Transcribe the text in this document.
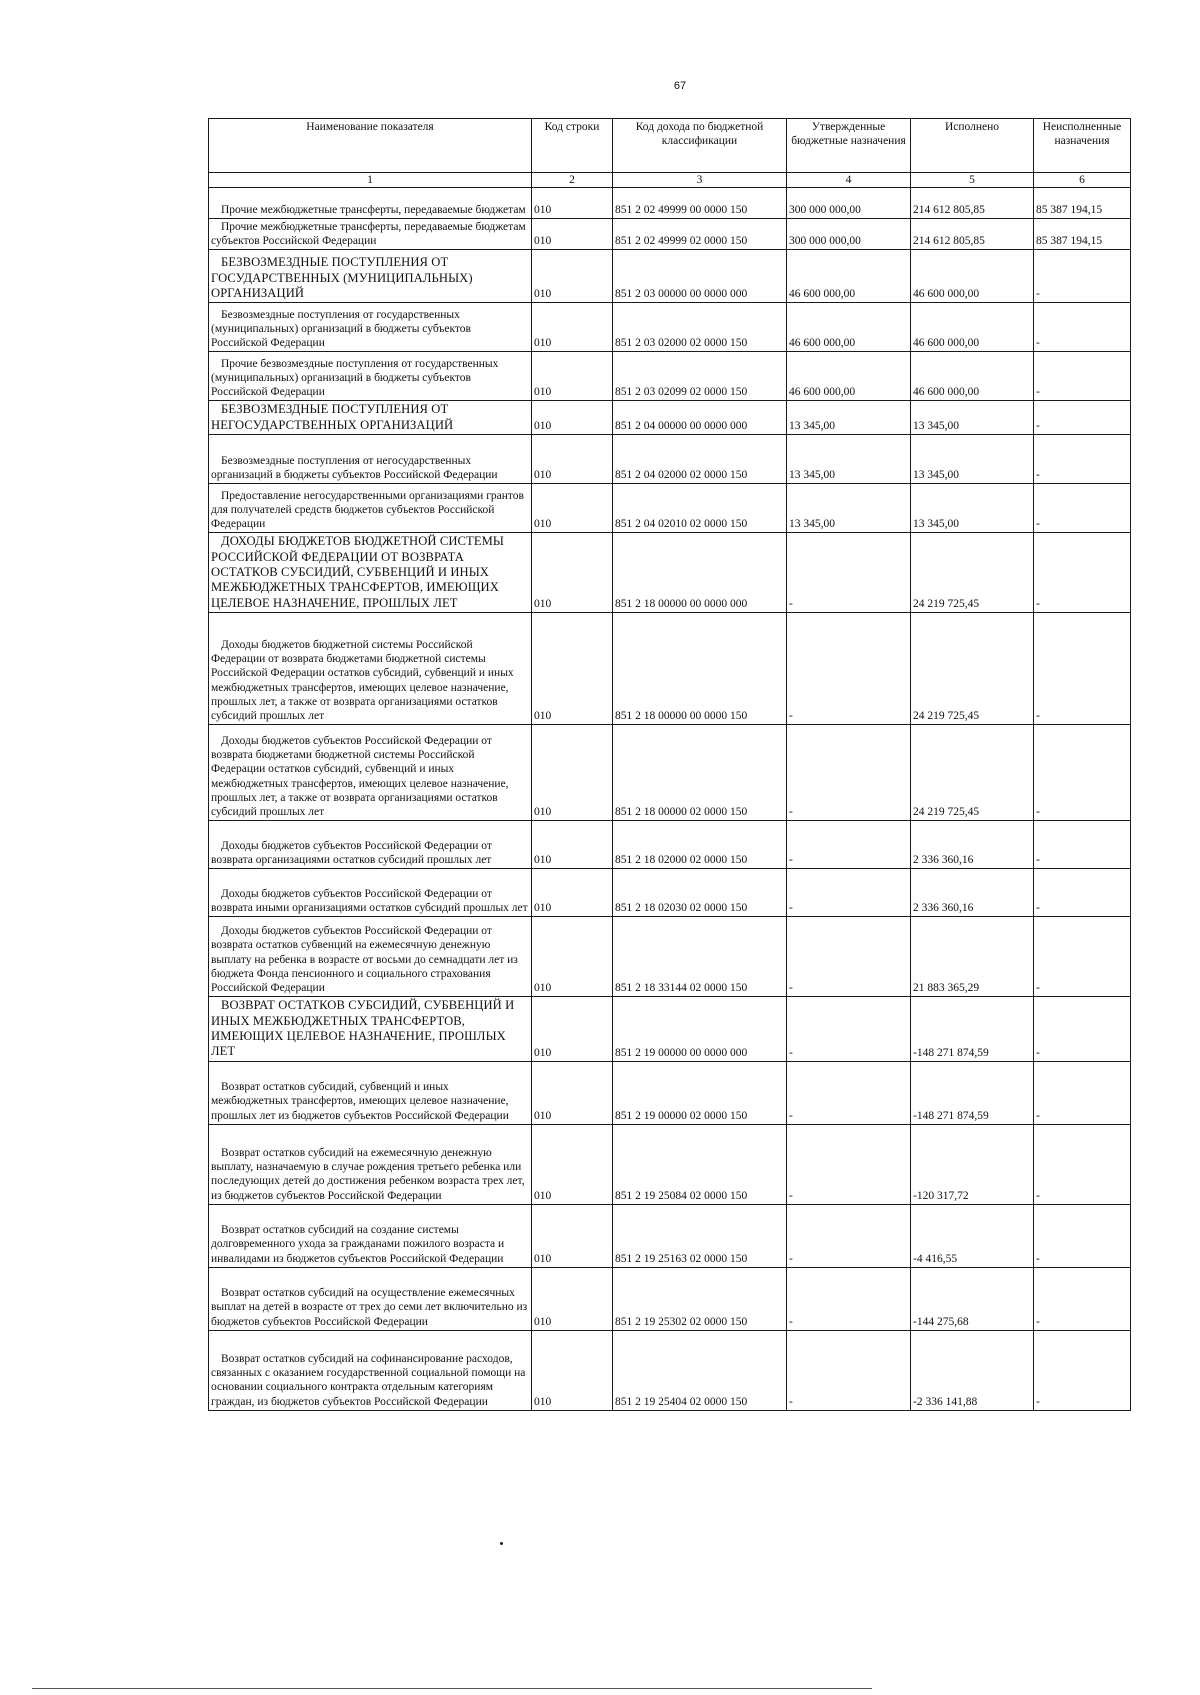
67
Наименование показателя	Код строки	Код дохода по бюджетной классификации	Утвержденные бюджетные назначения	Исполнено	Неисполненные назначения
1	2	3	4	5	6

Прочие межбюджетные трансферты, передаваемые бюджетам	010	851 2 02 49999 00 0000 150	300 000 000,00	214 612 805,85	85 387 194,15

Прочие межбюджетные трансферты, передаваемые бюджетам субъектов Российской Федерации	010	851 2 02 49999 02 0000 150	300 000 000,00	214 612 805,85	85 387 194,15

БЕЗВОЗМЕЗДНЫЕ ПОСТУПЛЕНИЯ ОТ ГОСУДАРСТВЕННЫХ (МУНИЦИПАЛЬНЫХ) ОРГАНИЗАЦИЙ	010	851 2 03 00000 00 0000 000	46 600 000,00	46 600 000,00	-

Безвозмездные поступления от государственных (муниципальных) организаций в бюджеты субъектов Российской Федерации	010	851 2 03 02000 02 0000 150	46 600 000,00	46 600 000,00	-

Прочие безвозмездные поступления от государственных (муниципальных) организаций в бюджеты субъектов Российской Федерации	010	851 2 03 02099 02 0000 150	46 600 000,00	46 600 000,00	-

БЕЗВОЗМЕЗДНЫЕ ПОСТУПЛЕНИЯ ОТ НЕГОСУДАРСТВЕННЫХ ОРГАНИЗАЦИЙ	010	851 2 04 00000 00 0000 000	13 345,00	13 345,00	-

Безвозмездные поступления от негосударственных организаций в бюджеты субъектов Российской Федерации	010	851 2 04 02000 02 0000 150	13 345,00	13 345,00	-

Предоставление негосударственными организациями грантов для получателей средств бюджетов субъектов Российской Федерации	010	851 2 04 02010 02 0000 150	13 345,00	13 345,00	-

ДОХОДЫ БЮДЖЕТОВ БЮДЖЕТНОЙ СИСТЕМЫ РОССИЙСКОЙ ФЕДЕРАЦИИ ОТ ВОЗВРАТА ОСТАТКОВ СУБСИДИЙ, СУБВЕНЦИЙ И ИНЫХ МЕЖБЮДЖЕТНЫХ ТРАНСФЕРТОВ, ИМЕЮЩИХ ЦЕЛЕВОЕ НАЗНАЧЕНИЕ, ПРОШЛЫХ ЛЕТ	010	851 2 18 00000 00 0000 000	-	24 219 725,45	-

Доходы бюджетов бюджетной системы Российской Федерации от возврата бюджетами бюджетной системы Российской Федерации остатков субсидий, субвенций и иных межбюджетных трансфертов, имеющих целевое назначение, прошлых лет, а также от возврата организациями остатков субсидий прошлых лет	010	851 2 18 00000 00 0000 150	-	24 219 725,45	-

Доходы бюджетов субъектов Российской Федерации от возврата бюджетами бюджетной системы Российской Федерации остатков субсидий, субвенций и иных межбюджетных трансфертов, имеющих целевое назначение, прошлых лет, а также от возврата организациями остатков субсидий прошлых лет	010	851 2 18 00000 02 0000 150	-	24 219 725,45	-

Доходы бюджетов субъектов Российской Федерации от возврата организациями остатков субсидий прошлых лет	010	851 2 18 02000 02 0000 150	-	2 336 360,16	-

Доходы бюджетов субъектов Российской Федерации от возврата иными организациями остатков субсидий прошлых лет	010	851 2 18 02030 02 0000 150	-	2 336 360,16	-

Доходы бюджетов субъектов Российской Федерации от возврата остатков субвенций на ежемесячную денежную выплату на ребенка в возрасте от восьми до семнадцати лет из бюджета Фонда пенсионного и социального страхования Российской Федерации	010	851 2 18 33144 02 0000 150	-	21 883 365,29	-

ВОЗВРАТ ОСТАТКОВ СУБСИДИЙ, СУБВЕНЦИЙ И ИНЫХ МЕЖБЮДЖЕТНЫХ ТРАНСФЕРТОВ, ИМЕЮЩИХ ЦЕЛЕВОЕ НАЗНАЧЕНИЕ, ПРОШЛЫХ ЛЕТ	010	851 2 19 00000 00 0000 000	-	-148 271 874,59	-

Возврат остатков субсидий, субвенций и иных межбюджетных трансфертов, имеющих целевое назначение, прошлых лет из бюджетов субъектов Российской Федерации	010	851 2 19 00000 02 0000 150	-	-148 271 874,59	-

Возврат остатков субсидий на ежемесячную денежную выплату, назначаемую в случае рождения третьего ребенка или последующих детей до достижения ребенком возраста трех лет, из бюджетов субъектов Российской Федерации	010	851 2 19 25084 02 0000 150	-	-120 317,72	-

Возврат остатков субсидий на создание системы долговременного ухода за гражданами пожилого возраста и инвалидами из бюджетов субъектов Российской Федерации	010	851 2 19 25163 02 0000 150	-	-4 416,55	-

Возврат остатков субсидий на осуществление ежемесячных выплат на детей в возрасте от трех до семи лет включительно из бюджетов субъектов Российской Федерации	010	851 2 19 25302 02 0000 150	-	-144 275,68	-

Возврат остатков субсидий на софинансирование расходов, связанных с оказанием государственной социальной помощи на основании социального контракта отдельным категориям граждан, из бюджетов субъектов Российской Федерации	010	851 2 19 25404 02 0000 150	-	-2 336 141,88	-
